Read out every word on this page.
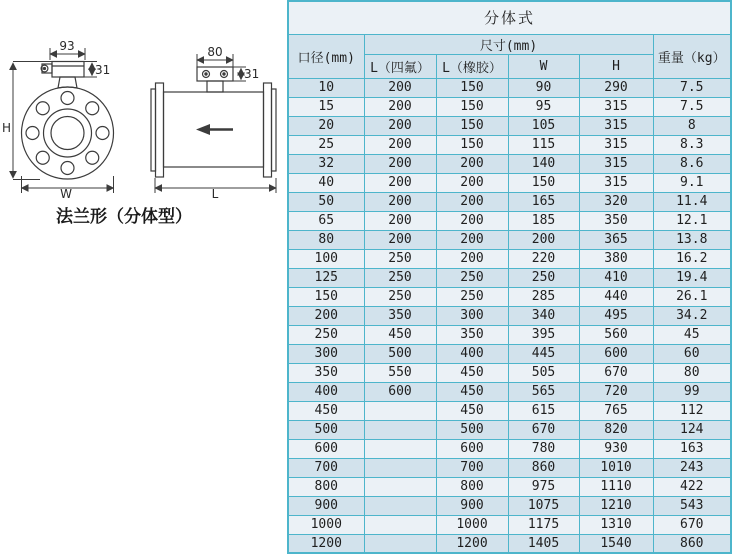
93
31
H
W
80
31
L
法兰形（分体型）
分体式					
口径(mm)	尺寸(mm)				重量（kg）
	L（四氟）	L（橡胶）	W	H	
10	200	150	90	290	7.5
15	200	150	95	315	7.5
20	200	150	105	315	8
25	200	150	115	315	8.3
32	200	200	140	315	8.6
40	200	200	150	315	9.1
50	200	200	165	320	11.4
65	200	200	185	350	12.1
80	200	200	200	365	13.8
100	250	200	220	380	16.2
125	250	250	250	410	19.4
150	250	250	285	440	26.1
200	350	300	340	495	34.2
250	450	350	395	560	45
300	500	400	445	600	60
350	550	450	505	670	80
400	600	450	565	720	99
450		450	615	765	112
500		500	670	820	124
600		600	780	930	163
700		700	860	1010	243
800		800	975	1110	422
900		900	1075	1210	543
1000		1000	1175	1310	670
1200		1200	1405	1540	860
